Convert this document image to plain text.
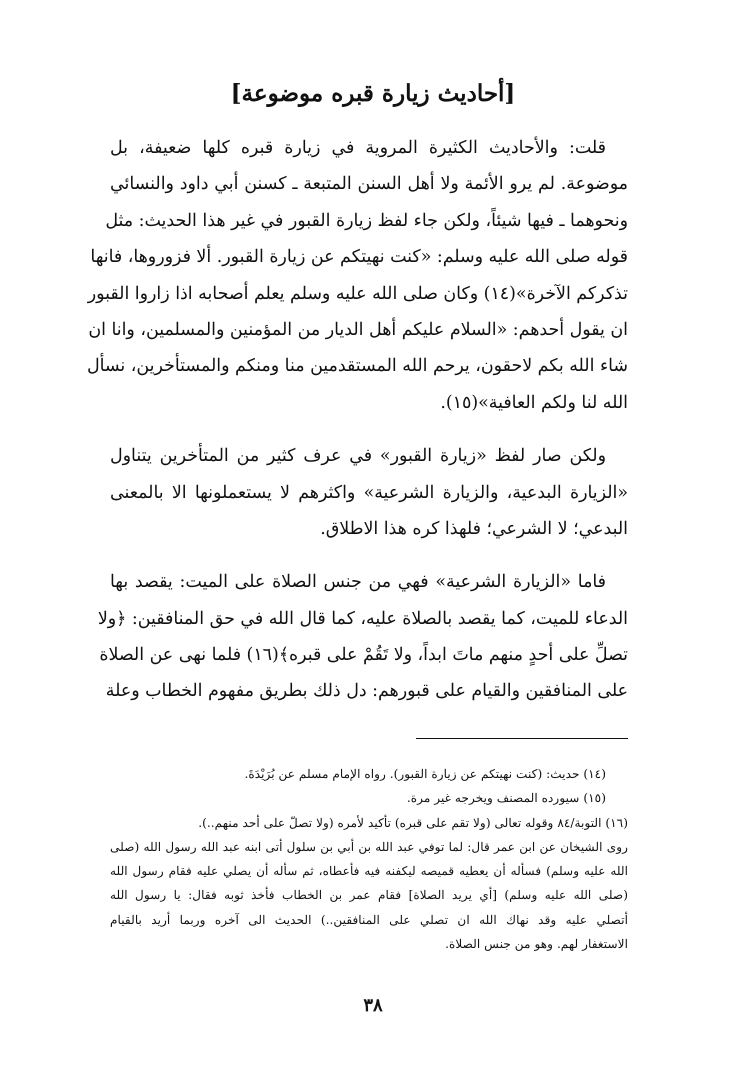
[أحاديث زيارة قبره موضوعة]
قلت: والأحاديث الكثيرة المروية في زيارة قبره كلها ضعيفة، بل
موضوعة. لم يرو الأئمة ولا أهل السنن المتبعة ـ كسنن أبي داود والنسائي
ونحوهما ـ فيها شيئاً، ولكن جاء لفظ زيارة القبور في غير هذا الحديث: مثل
قوله صلى الله عليه وسلم: «كنت نهيتكم عن زيارة القبور. ألا فزوروها، فانها
تذكركم الآخرة»(١٤) وكان صلى الله عليه وسلم يعلم أصحابه اذا زاروا القبور
ان يقول أحدهم: «السلام عليكم أهل الديار من المؤمنين والمسلمين، وانا ان
شاء الله بكم لاحقون، يرحم الله المستقدمين منا ومنكم والمستأخرين، نسأل
الله لنا ولكم العافية»(١٥).
ولكن صار لفظ «زيارة القبور» في عرف كثير من المتأخرين يتناول
«الزيارة البدعية، والزيارة الشرعية» واكثرهم لا يستعملونها الا بالمعنى
البدعي؛ لا الشرعي؛ فلهذا كره هذا الاطلاق.
فاما «الزيارة الشرعية» فهي من جنس الصلاة على الميت: يقصد بها
الدعاء للميت، كما يقصد بالصلاة عليه، كما قال الله في حق المنافقين: ﴿ولا
تصلِّ على أحدٍ منهم ماتَ ابداً، ولا تَقُمْ على قبره﴾(١٦) فلما نهى عن الصلاة
على المنافقين والقيام على قبورهم: دل ذلك بطريق مفهوم الخطاب وعلة
(١٤) حديث: (كنت نهيتكم عن زيارة القبور). رواه الإمام مسلم عن بُرَيْدَةَ.
(١٥) سيورده المصنف ويخرجه غير مرة.
(١٦) التوبة/٨٤ وقوله تعالى (ولا تقم على قبره) تأكيد لأمره (ولا تصلّ على أحد منهم..).
روى الشيخان عن ابن عمر قال: لما توفي عبد الله بن أبي بن سلول أتى ابنه عبد الله رسول الله (صلى
الله عليه وسلم) فسأله أن يعطيه قميصه ليكفنه فيه فأعطاه، ثم سأله أن يصلي عليه فقام رسول الله
(صلى الله عليه وسلم) [أي يريد الصلاة] فقام عمر بن الخطاب فأخذ ثوبه فقال: يا رسول الله
أتصلي عليه وقد نهاك الله ان تصلي على المنافقين..) الحديث الى آخره وربما أريد بالقيام
الاستغفار لهم. وهو من جنس الصلاة.
٣٨
